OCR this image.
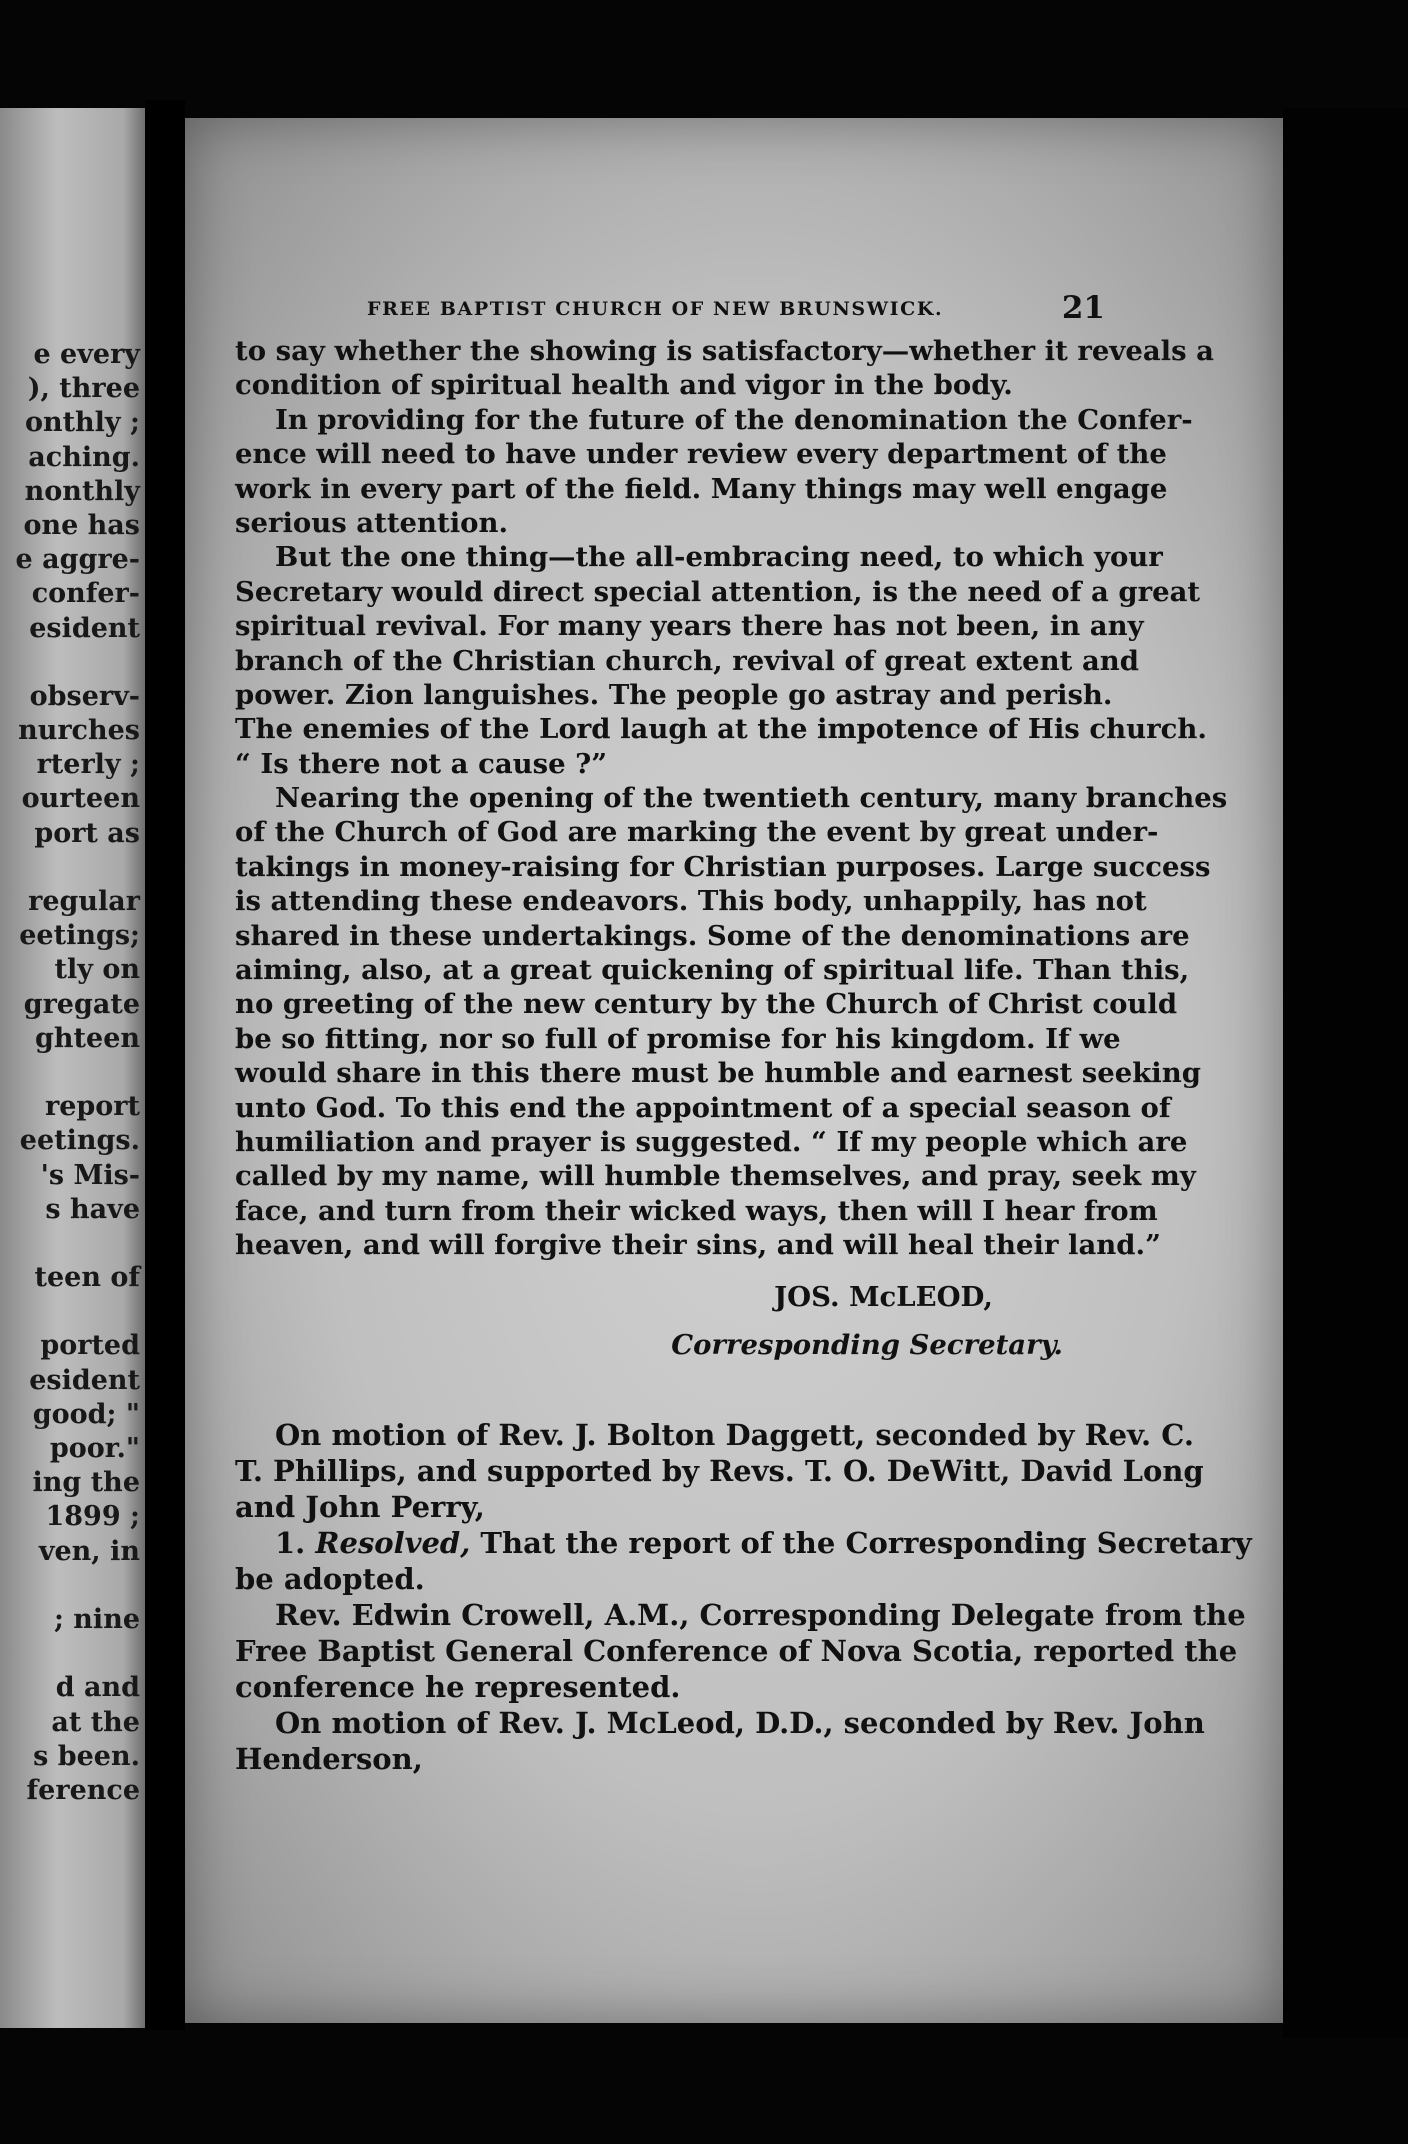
e every
), three
onthly ;
aching.
nonthly
one has
e aggre-
confer-
esident
observ-
nurches
rterly ;
ourteen
port as
regular
eetings;
tly on
gregate
ghteen
report
eetings.
's Mis-
s have
teen of
ported
esident
good; "
poor."
ing the
1899 ;
ven, in
; nine
d and
at the
s been.
ference
FREE BAPTIST CHURCH OF NEW BRUNSWICK.	21
to say whether the showing is satisfactory—whether it reveals a
condition of spiritual health and vigor in the body.
In providing for the future of the denomination the Confer-
ence will need to have under review every department of the
work in every part of the field. Many things may well engage
serious attention.
But the one thing—the all-embracing need, to which your
Secretary would direct special attention, is the need of a great
spiritual revival. For many years there has not been, in any
branch of the Christian church, revival of great extent and
power. Zion languishes. The people go astray and perish.
The enemies of the Lord laugh at the impotence of His church.
“ Is there not a cause ?”
Nearing the opening of the twentieth century, many branches
of the Church of God are marking the event by great under-
takings in money-raising for Christian purposes. Large success
is attending these endeavors. This body, unhappily, has not
shared in these undertakings. Some of the denominations are
aiming, also, at a great quickening of spiritual life. Than this,
no greeting of the new century by the Church of Christ could
be so fitting, nor so full of promise for his kingdom. If we
would share in this there must be humble and earnest seeking
unto God. To this end the appointment of a special season of
humiliation and prayer is suggested. “ If my people which are
called by my name, will humble themselves, and pray, seek my
face, and turn from their wicked ways, then will I hear from
heaven, and will forgive their sins, and will heal their land.”
JOS. McLEOD,
Corresponding Secretary.
On motion of Rev. J. Bolton Daggett, seconded by Rev. C.
T. Phillips, and supported by Revs. T. O. DeWitt, David Long
and John Perry,
1. Resolved, That the report of the Corresponding Secretary
be adopted.
Rev. Edwin Crowell, A.M., Corresponding Delegate from the
Free Baptist General Conference of Nova Scotia, reported the
conference he represented.
On motion of Rev. J. McLeod, D.D., seconded by Rev. John
Henderson,
